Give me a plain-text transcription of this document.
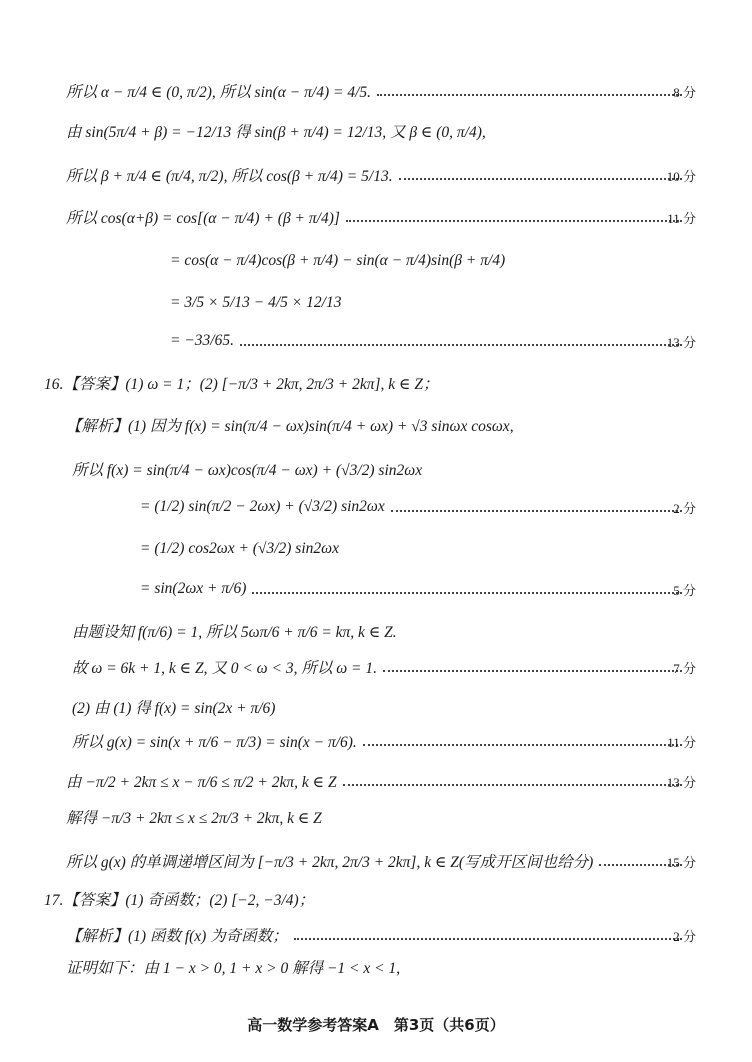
所以 α − π/4 ∈ (0, π/2), 所以 sin(α − π/4) = 4/5.	8 分
由 sin(5π/4 + β) = −12/13 得 sin(β + π/4) = 12/13, 又 β ∈ (0, π/4),
所以 β + π/4 ∈ (π/4, π/2), 所以 cos(β + π/4) = 5/13.	10 分
所以 cos(α+β) = cos[(α − π/4) + (β + π/4)]	11 分
= cos(α − π/4)cos(β + π/4) − sin(α − π/4)sin(β + π/4)
= 3/5 × 5/13 − 4/5 × 12/13
= −33/65.	13 分
16.【答案】(1) ω = 1；(2) [−π/3 + 2kπ, 2π/3 + 2kπ], k ∈ Z；
【解析】(1) 因为 f(x) = sin(π/4 − ωx)sin(π/4 + ωx) + √3 sinωx cosωx,
所以 f(x) = sin(π/4 − ωx)cos(π/4 − ωx) + (√3/2) sin2ωx
= (1/2) sin(π/2 − 2ωx) + (√3/2) sin2ωx	2 分
= (1/2) cos2ωx + (√3/2) sin2ωx
= sin(2ωx + π/6)	5 分
由题设知 f(π/6) = 1, 所以 5ωπ/6 + π/6 = kπ, k ∈ Z.
故 ω = 6k + 1, k ∈ Z, 又 0 < ω < 3, 所以 ω = 1.	7 分
(2) 由 (1) 得 f(x) = sin(2x + π/6)
所以 g(x) = sin(x + π/6 − π/3) = sin(x − π/6).	11 分
由 −π/2 + 2kπ ≤ x − π/6 ≤ π/2 + 2kπ, k ∈ Z	13 分
解得 −π/3 + 2kπ ≤ x ≤ 2π/3 + 2kπ, k ∈ Z
所以 g(x) 的单调递增区间为 [−π/3 + 2kπ, 2π/3 + 2kπ], k ∈ Z(写成开区间也给分)	15 分
17.【答案】(1) 奇函数；(2) [−2, −3/4)；
【解析】(1) 函数 f(x) 为奇函数；	2 分
证明如下：由 1 − x > 0, 1 + x > 0 解得 −1 < x < 1,
高一数学参考答案A　第3页（共6页）
